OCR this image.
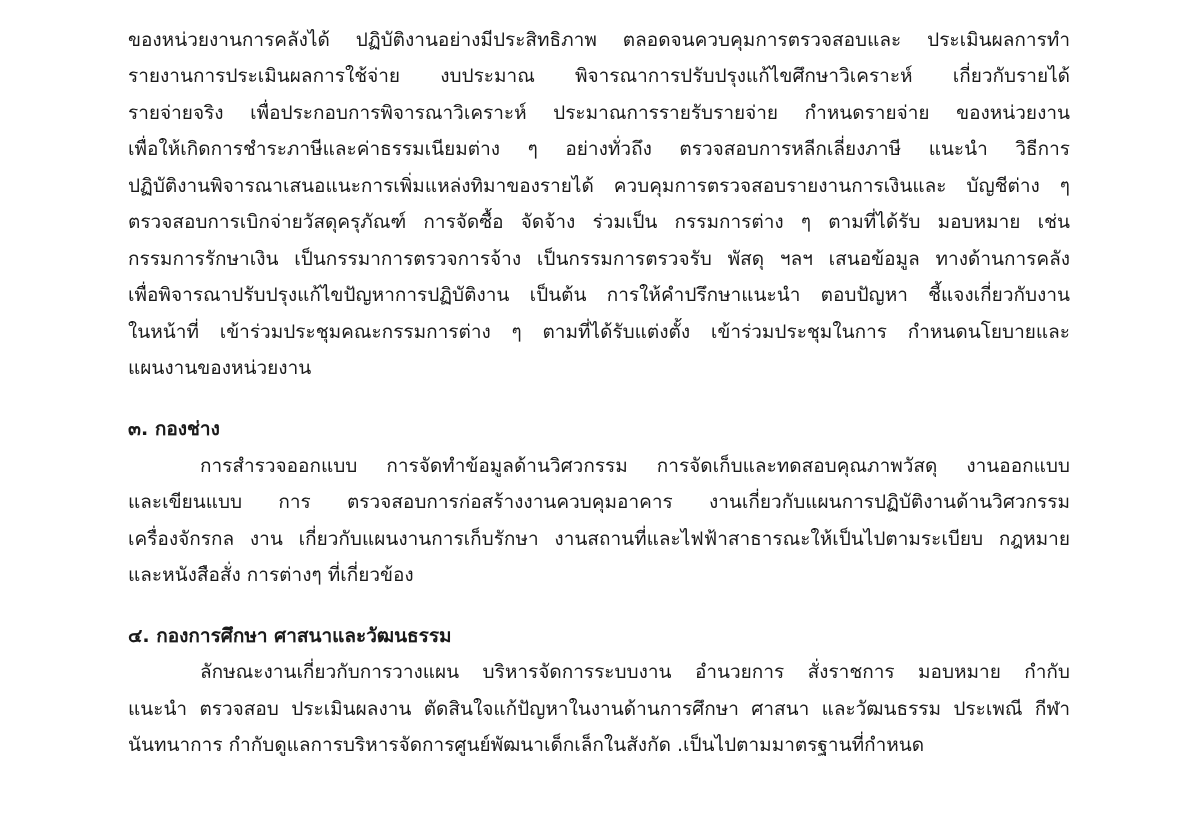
ของหน่วยงานการคลังได้ ปฏิบัติงานอย่างมีประสิทธิภาพ ตลอดจนควบคุมการตรวจสอบและ ประเมินผลการทำ
รายงานการประเมินผลการใช้จ่าย งบประมาณ พิจารณาการปรับปรุงแก้ไขศึกษาวิเคราะห์ เกี่ยวกับรายได้
รายจ่ายจริง เพื่อประกอบการพิจารณาวิเคราะห์ ประมาณการรายรับรายจ่าย กำหนดรายจ่าย ของหน่วยงาน
เพื่อให้เกิดการชำระภาษีและค่าธรรมเนียมต่าง ๆ อย่างทั่วถึง ตรวจสอบการหลีกเลี่ยงภาษี แนะนำ วิธีการ
ปฏิบัติงานพิจารณาเสนอแนะการเพิ่มแหล่งทิมาของรายได้ ควบคุมการตรวจสอบรายงานการเงินและ บัญชีต่าง ๆ
ตรวจสอบการเบิกจ่ายวัสดุครุภัณฑ์ การจัดซื้อ จัดจ้าง ร่วมเป็น กรรมการต่าง ๆ ตามที่ได้รับ มอบหมาย เช่น
กรรมการรักษาเงิน เป็นกรรมาการตรวจการจ้าง เป็นกรรมการตรวจรับ พัสดุ ฯลฯ เสนอข้อมูล ทางด้านการคลัง
เพื่อพิจารณาปรับปรุงแก้ไขปัญหาการปฏิบัติงาน เป็นต้น การให้คำปรึกษาแนะนำ ตอบปัญหา ชี้แจงเกี่ยวกับงาน
ในหน้าที่ เข้าร่วมประชุมคณะกรรมการต่าง ๆ ตามที่ได้รับแต่งตั้ง เข้าร่วมประชุมในการ กำหนดนโยบายและ
แผนงานของหน่วยงาน
๓. กองช่าง
การสำรวจออกแบบ การจัดทำข้อมูลด้านวิศวกรรม การจัดเก็บและทดสอบคุณภาพวัสดุ งานออกแบบ
และเขียนแบบ การ ตรวจสอบการก่อสร้างงานควบคุมอาคาร งานเกี่ยวกับแผนการปฏิบัติงานด้านวิศวกรรม
เครื่องจักรกล งาน เกี่ยวกับแผนงานการเก็บรักษา งานสถานที่และไฟฟ้าสาธารณะให้เป็นไปตามระเบียบ กฎหมาย
และหนังสือสั่ง การต่างๆ ที่เกี่ยวข้อง
๔. กองการศึกษา ศาสนาและวัฒนธรรม
ลักษณะงานเกี่ยวกับการวางแผน บริหารจัดการระบบงาน อำนวยการ สั่งราชการ มอบหมาย กำกับ
แนะนำ ตรวจสอบ ประเมินผลงาน ตัดสินใจแก้ปัญหาในงานด้านการศึกษา ศาสนา และวัฒนธรรม ประเพณี กีฬา
นันทนาการ กำกับดูแลการบริหารจัดการศูนย์พัฒนาเด็กเล็กในสังกัด .เป็นไปตามมาตรฐานที่กำหนด
